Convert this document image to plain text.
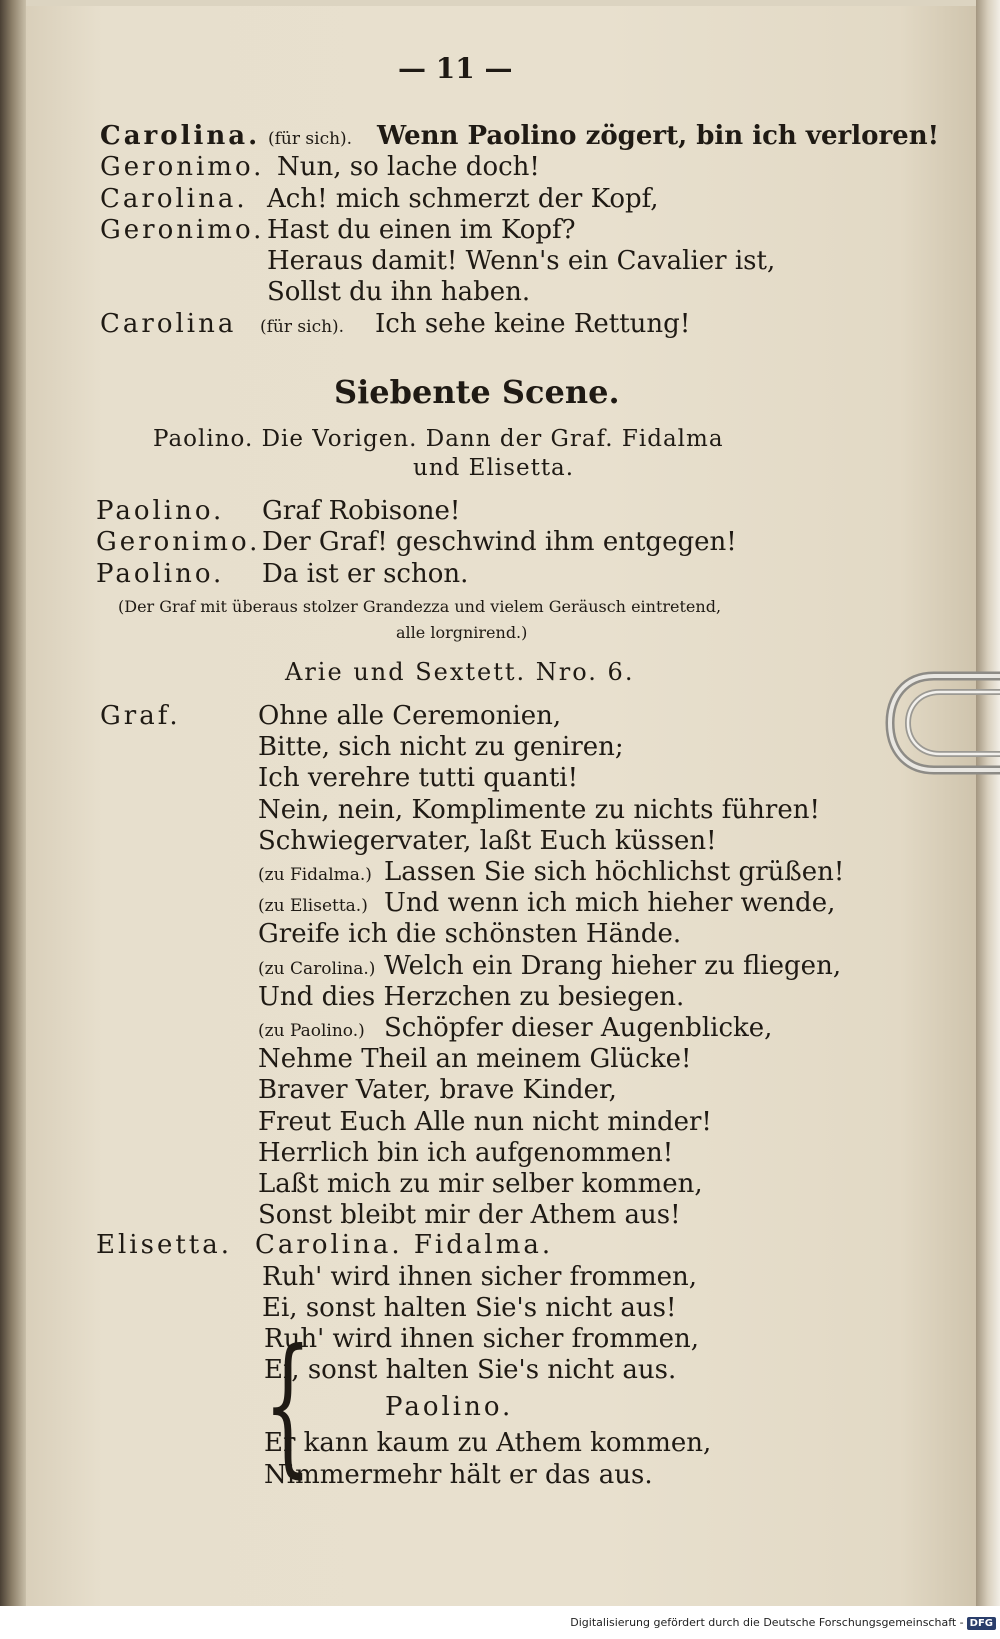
— 11 —
Carolina. (für sich). Wenn Paolino zögert, bin ich verloren!
Geronimo. Nun, so lache doch!
Carolina. Ach! mich schmerzt der Kopf,
Geronimo. Hast du einen im Kopf?
Heraus damit! Wenn's ein Cavalier ist,
Sollst du ihn haben.
Carolina (für sich). Ich sehe keine Rettung!
Siebente Scene.
Paolino. Die Vorigen. Dann der Graf. Fidalma
und Elisetta.
Paolino. Graf Robisone!
Geronimo. Der Graf! geschwind ihm entgegen!
Paolino. Da ist er schon.
(Der Graf mit überaus stolzer Grandezza und vielem Geräusch eintretend,
alle lorgnirend.)
Arie und Sextett. Nro. 6.
Graf.	Ohne alle Ceremonien,
Bitte, sich nicht zu geniren;
Ich verehre tutti quanti!
Nein, nein, Komplimente zu nichts führen!
Schwiegervater, laßt Euch küssen!
(zu Fidalma.) Lassen Sie sich höchlichst grüßen!
(zu Elisetta.) Und wenn ich mich hieher wende,
Greife ich die schönsten Hände.
(zu Carolina.) Welch ein Drang hieher zu fliegen,
Und dies Herzchen zu besiegen.
(zu Paolino.) Schöpfer dieser Augenblicke,
Nehme Theil an meinem Glücke!
Braver Vater, brave Kinder,
Freut Euch Alle nun nicht minder!
Herrlich bin ich aufgenommen!
Laßt mich zu mir selber kommen,
Sonst bleibt mir der Athem aus!
Elisetta. Carolina. Fidalma.
Ruh' wird ihnen sicher frommen,
Ei, sonst halten Sie's nicht aus!
{
Ruh' wird ihnen sicher frommen,
Ei, sonst halten Sie's nicht aus.
Paolino.
Er kann kaum zu Athem kommen,
Nimmermehr hält er das aus.
Digitalisierung gefördert durch die Deutsche Forschungsgemeinschaft - DFG
